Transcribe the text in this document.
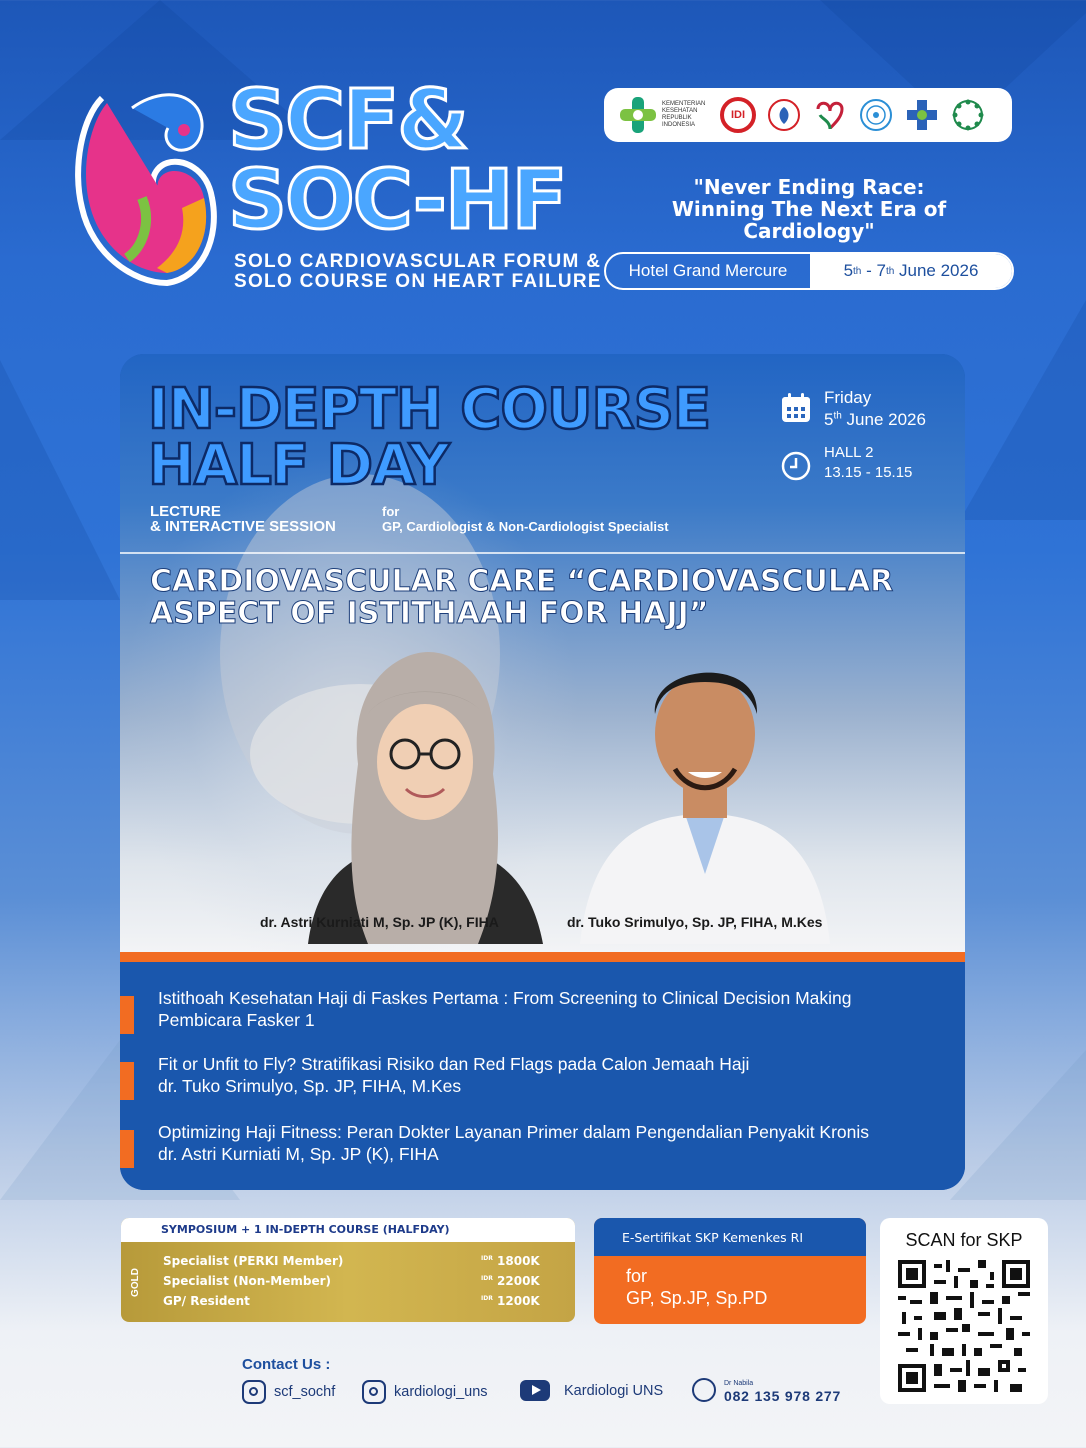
SCF&
SOC-HF
SOLO CARDIOVASCULAR FORUM &
SOLO COURSE ON HEART FAILURE
KEMENTERIAN KESEHATAN REPUBLIK INDONESIA
IDI
"Never Ending Race:
Winning The Next Era of Cardiology"
Hotel Grand Mercure	5 th - 7 th June 2026
IN-DEPTH COURSE
HALF DAY
LECTURE
& INTERACTIVE SESSION
for
GP, Cardiologist & Non-Cardiologist Specialist
Friday
5th June 2026
HALL 2
13.15 - 15.15
CARDIOVASCULAR CARE “CARDIOVASCULAR
ASPECT OF ISTITHAAH FOR HAJJ”
dr. Astri Kurniati M, Sp. JP (K), FIHA	dr. Tuko Srimulyo, Sp. JP, FIHA, M.Kes
Istithoah Kesehatan Haji di Faskes Pertama : From Screening to Clinical Decision Making
Pembicara Fasker 1
Fit or Unfit to Fly? Stratifikasi Risiko dan Red Flags pada Calon Jemaah Haji
dr. Tuko Srimulyo, Sp. JP, FIHA, M.Kes
Optimizing Haji Fitness: Peran Dokter Layanan Primer dalam Pengendalian Penyakit Kronis
dr. Astri Kurniati M, Sp. JP (K), FIHA
SYMPOSIUM + 1 IN-DEPTH COURSE (HALFDAY)
GOLD
Specialist (PERKI Member)	$^{IDR}$ 1800K
Specialist (Non-Member)	$^{IDR}$ 2200K
GP/ Resident	$^{IDR}$ 1200K
E-Sertifikat SKP Kemenkes RI
for
GP, Sp.JP, Sp.PD
SCAN for SKP
Contact Us :
scf_sochf	kardiologi_uns	Kardiologi UNS	Dr Nabila
082 135 978 277
